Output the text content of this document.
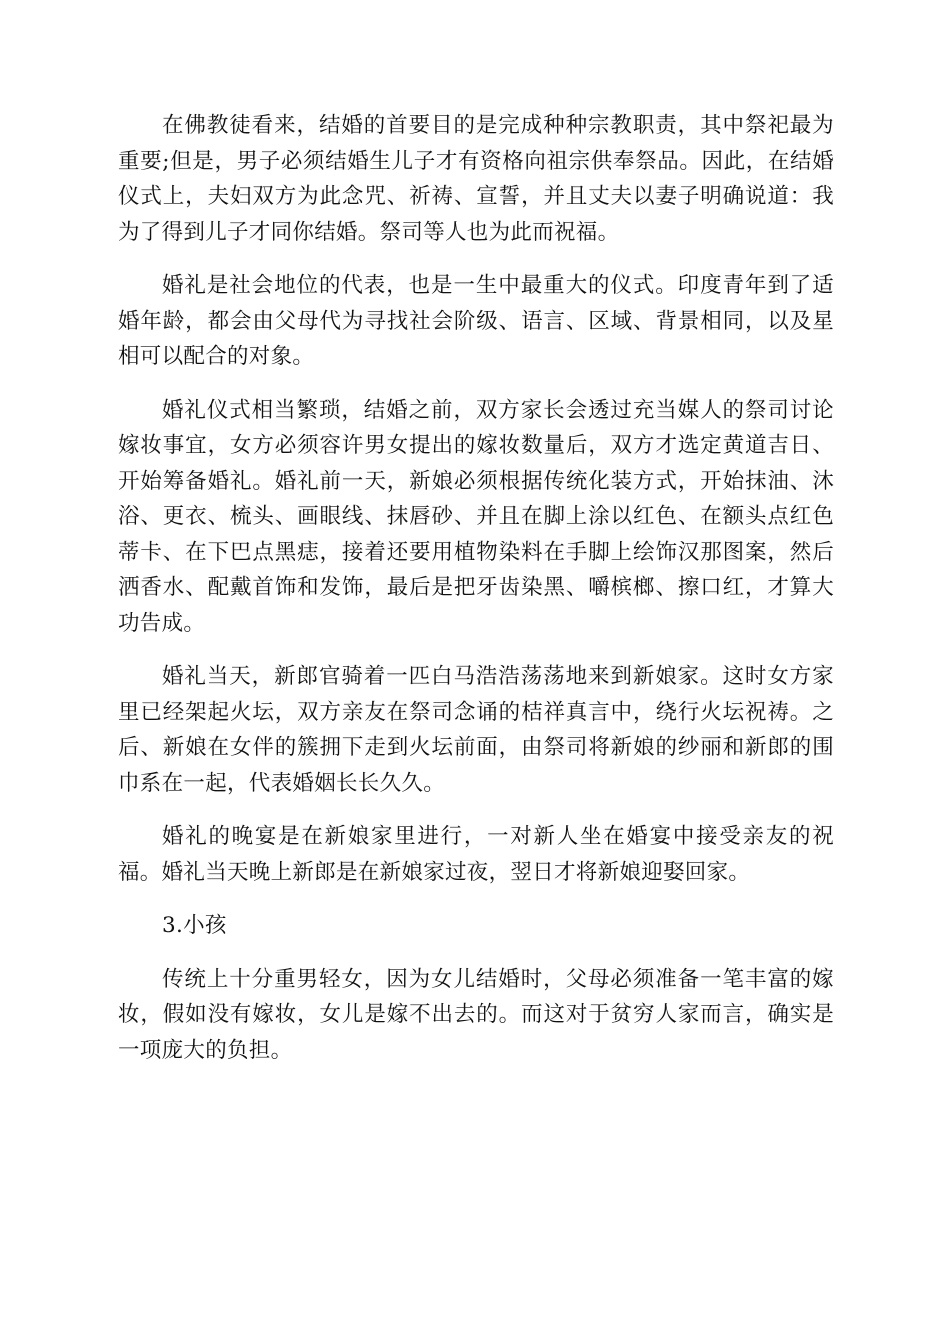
在佛教徒看来，结婚的首要目的是完成种种宗教职责，其中祭祀最为重要;但是，男子必须结婚生儿子才有资格向祖宗供奉祭品。因此，在结婚仪式上，夫妇双方为此念咒、祈祷、宣誓，并且丈夫以妻子明确说道：我为了得到儿子才同你结婚。祭司等人也为此而祝福。

婚礼是社会地位的代表，也是一生中最重大的仪式。印度青年到了适婚年龄，都会由父母代为寻找社会阶级、语言、区域、背景相同，以及星相可以配合的对象。

婚礼仪式相当繁琐，结婚之前，双方家长会透过充当媒人的祭司讨论嫁妆事宜，女方必须容许男女提出的嫁妆数量后，双方才选定黄道吉日、开始筹备婚礼。婚礼前一天，新娘必须根据传统化装方式，开始抹油、沐浴、更衣、梳头、画眼线、抹唇砂、并且在脚上涂以红色、在额头点红色蒂卡、在下巴点黑痣，接着还要用植物染料在手脚上绘饰汉那图案，然后洒香水、配戴首饰和发饰，最后是把牙齿染黑、嚼槟榔、擦口红，才算大功告成。

婚礼当天，新郎官骑着一匹白马浩浩荡荡地来到新娘家。这时女方家里已经架起火坛，双方亲友在祭司念诵的桔祥真言中，绕行火坛祝祷。之后、新娘在女伴的簇拥下走到火坛前面，由祭司将新娘的纱丽和新郎的围巾系在一起，代表婚姻长长久久。

婚礼的晚宴是在新娘家里进行，一对新人坐在婚宴中接受亲友的祝福。婚礼当天晚上新郎是在新娘家过夜，翌日才将新娘迎娶回家。

3.小孩

传统上十分重男轻女，因为女儿结婚时，父母必须准备一笔丰富的嫁妆，假如没有嫁妆，女儿是嫁不出去的。而这对于贫穷人家而言，确实是一项庞大的负担。
